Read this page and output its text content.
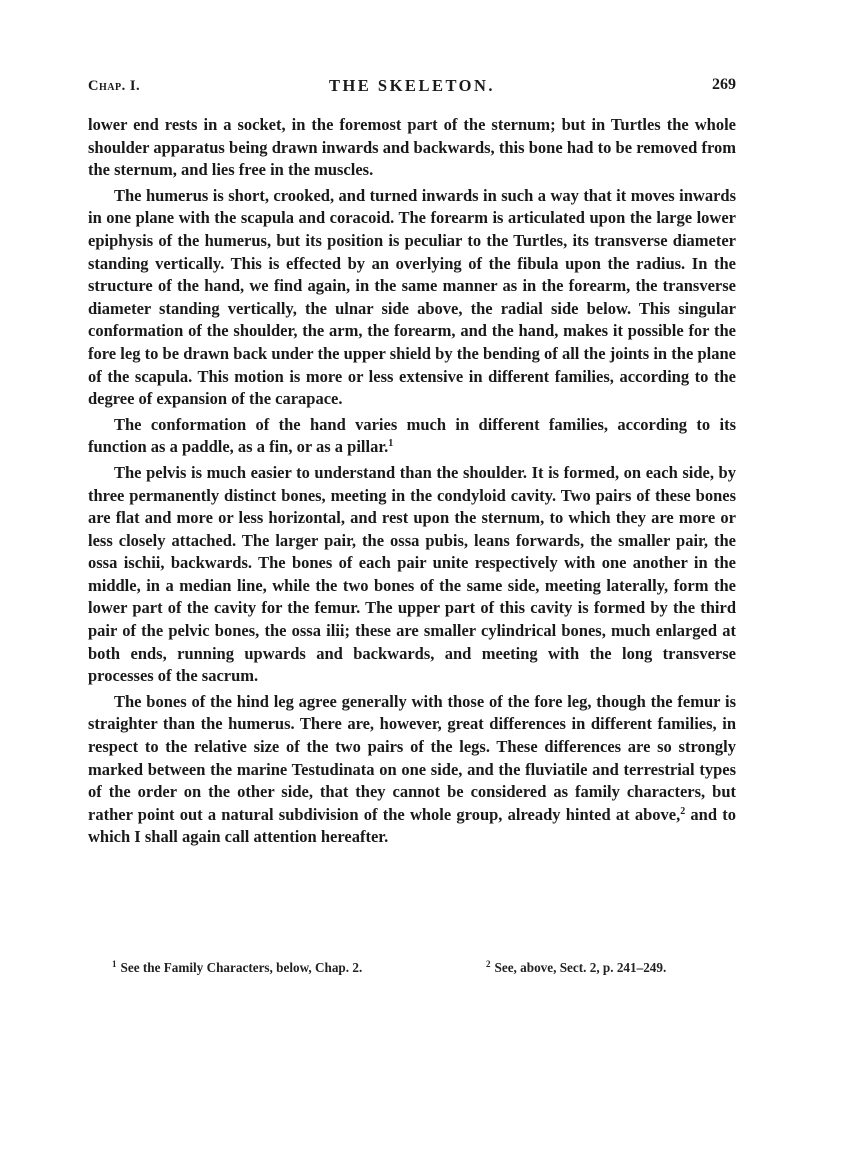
Chap. I.	THE SKELETON.	269

lower end rests in a socket, in the foremost part of the sternum; but in Turtles the whole shoulder apparatus being drawn inwards and backwards, this bone had to be removed from the sternum, and lies free in the muscles.

The humerus is short, crooked, and turned inwards in such a way that it moves inwards in one plane with the scapula and coracoid. The forearm is articulated upon the large lower epiphysis of the humerus, but its position is peculiar to the Turtles, its transverse diameter standing vertically. This is effected by an overlying of the fibula upon the radius. In the structure of the hand, we find again, in the same manner as in the forearm, the transverse diameter standing vertically, the ulnar side above, the radial side below. This singular conformation of the shoulder, the arm, the forearm, and the hand, makes it possible for the fore leg to be drawn back under the upper shield by the bending of all the joints in the plane of the scapula. This motion is more or less extensive in different families, according to the degree of expansion of the carapace.

The conformation of the hand varies much in different families, according to its function as a paddle, as a fin, or as a pillar.$^1$

The pelvis is much easier to understand than the shoulder. It is formed, on each side, by three permanently distinct bones, meeting in the condyloid cavity. Two pairs of these bones are flat and more or less horizontal, and rest upon the sternum, to which they are more or less closely attached. The larger pair, the ossa pubis, leans forwards, the smaller pair, the ossa ischii, backwards. The bones of each pair unite respectively with one another in the middle, in a median line, while the two bones of the same side, meeting laterally, form the lower part of the cavity for the femur. The upper part of this cavity is formed by the third pair of the pelvic bones, the ossa ilii; these are smaller cylindrical bones, much enlarged at both ends, running upwards and backwards, and meeting with the long transverse processes of the sacrum.

The bones of the hind leg agree generally with those of the fore leg, though the femur is straighter than the humerus. There are, however, great differences in different families, in respect to the relative size of the two pairs of the legs. These differences are so strongly marked between the marine Testudinata on one side, and the fluviatile and terrestrial types of the order on the other side, that they cannot be considered as family characters, but rather point out a natural subdivision of the whole group, already hinted at above,$^2$ and to which I shall again call attention hereafter.

$^1$ See the Family Characters, below, Chap. 2.	$^2$ See, above, Sect. 2, p. 241–249.
